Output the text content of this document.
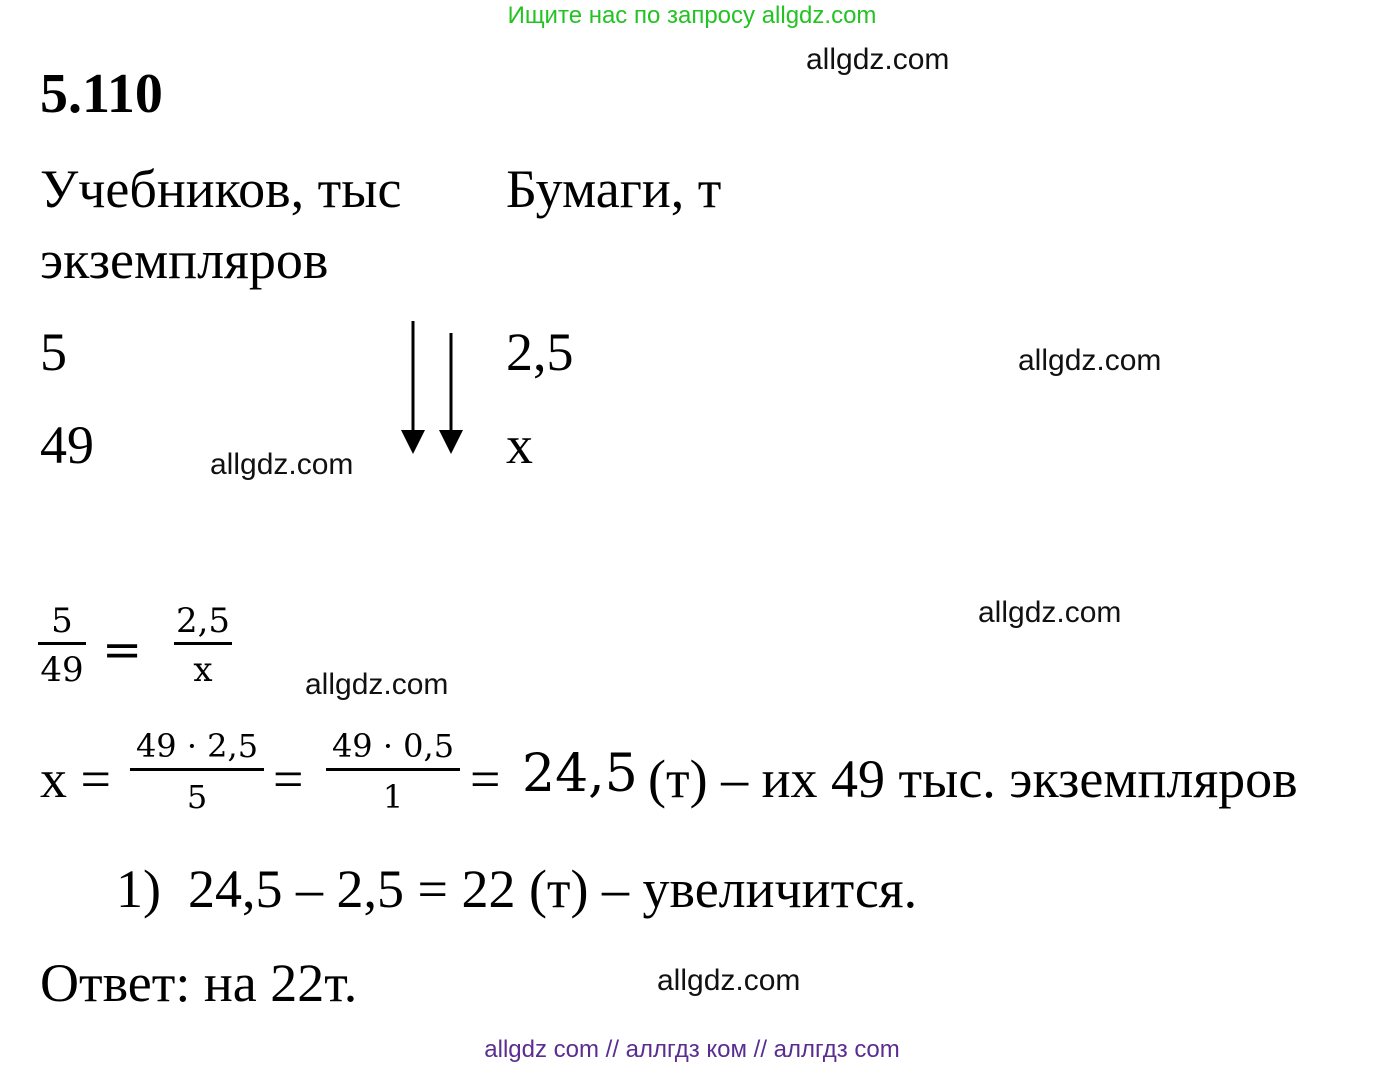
Ищите нас по запросу allgdz.com
5.110
allgdz.com
Учебников, тыс
экземпляров
Бумаги, т
5	2,5
49	x
allgdz.com
allgdz.com
5
49 =
2,5
x
allgdz.com
allgdz.com
x =
49 · 2,5
5 =
49 · 0,5
1 = 24,5 (т) – их 49 тыс. экземпляров
1) 24,5 – 2,5 = 22 (т) – увеличится.
Ответ: на 22т.	allgdz.com
allgdz com // аллгдз ком // аллгдз com
